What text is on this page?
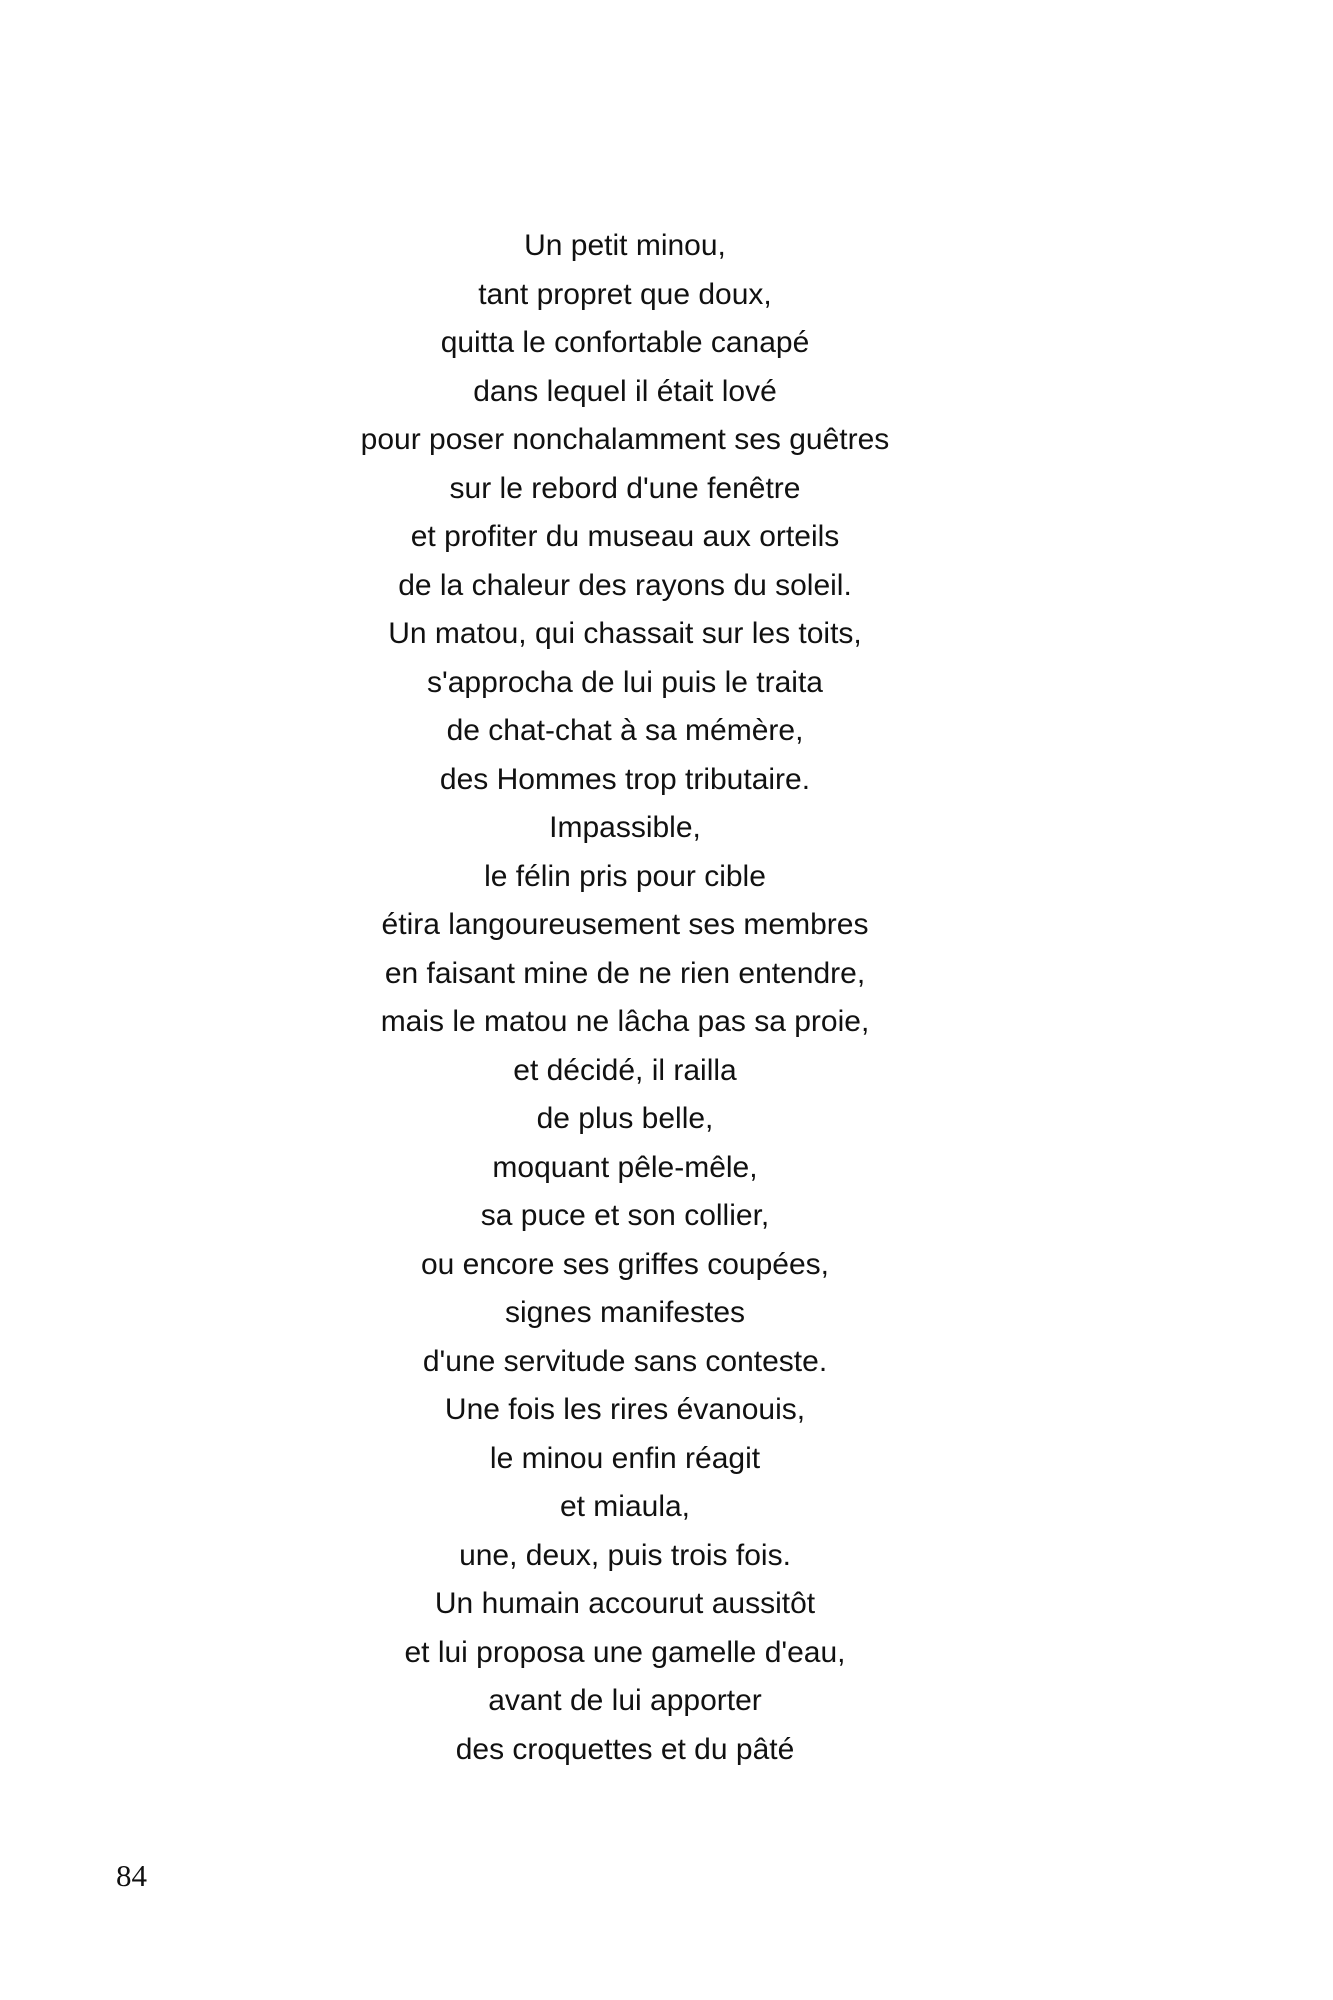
Un petit minou,
tant propret que doux,
quitta le confortable canapé
dans lequel il était lové
pour poser nonchalamment ses guêtres
sur le rebord d'une fenêtre
et profiter du museau aux orteils
de la chaleur des rayons du soleil.
Un matou, qui chassait sur les toits,
s'approcha de lui puis le traita
de chat-chat à sa mémère,
des Hommes trop tributaire.
Impassible,
le félin pris pour cible
étira langoureusement ses membres
en faisant mine de ne rien entendre,
mais le matou ne lâcha pas sa proie,
et décidé, il railla
de plus belle,
moquant pêle-mêle,
sa puce et son collier,
ou encore ses griffes coupées,
signes manifestes
d'une servitude sans conteste.
Une fois les rires évanouis,
le minou enfin réagit
et miaula,
une, deux, puis trois fois.
Un humain accourut aussitôt
et lui proposa une gamelle d'eau,
avant de lui apporter
des croquettes et du pâté
84
